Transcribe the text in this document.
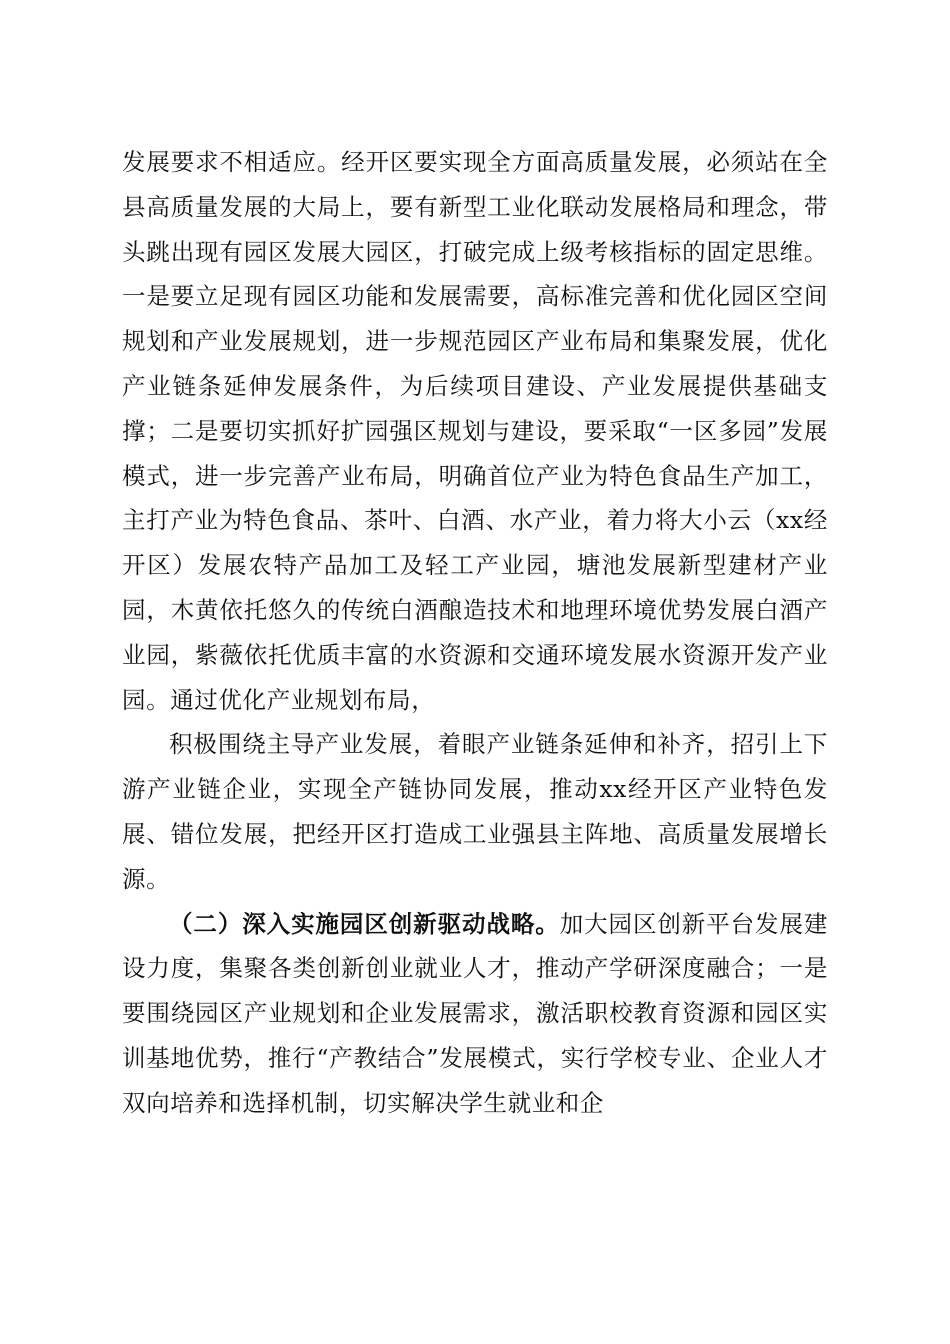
发展要求不相适应。经开区要实现全方面高质量发展，必须站在全县高质量发展的大局上，要有新型工业化联动发展格局和理念，带头跳出现有园区发展大园区，打破完成上级考核指标的固定思维。一是要立足现有园区功能和发展需要，高标准完善和优化园区空间规划和产业发展规划，进一步规范园区产业布局和集聚发展，优化产业链条延伸发展条件，为后续项目建设、产业发展提供基础支撑；二是要切实抓好扩园强区规划与建设，要采取“一区多园”发展模式，进一步完善产业布局，明确首位产业为特色食品生产加工，主打产业为特色食品、茶叶、白酒、水产业，着力将大小云（xx经开区）发展农特产品加工及轻工产业园，塘池发展新型建材产业园，木黄依托悠久的传统白酒酿造技术和地理环境优势发展白酒产业园，紫薇依托优质丰富的水资源和交通环境发展水资源开发产业园。通过优化产业规划布局，

积极围绕主导产业发展，着眼产业链条延伸和补齐，招引上下游产业链企业，实现全产链协同发展，推动xx经开区产业特色发展、错位发展，把经开区打造成工业强县主阵地、高质量发展增长源。

（二）深入实施园区创新驱动战略。加大园区创新平台发展建设力度，集聚各类创新创业就业人才，推动产学研深度融合；一是要围绕园区产业规划和企业发展需求，激活职校教育资源和园区实训基地优势，推行“产教结合”发展模式，实行学校专业、企业人才双向培养和选择机制，切实解决学生就业和企
